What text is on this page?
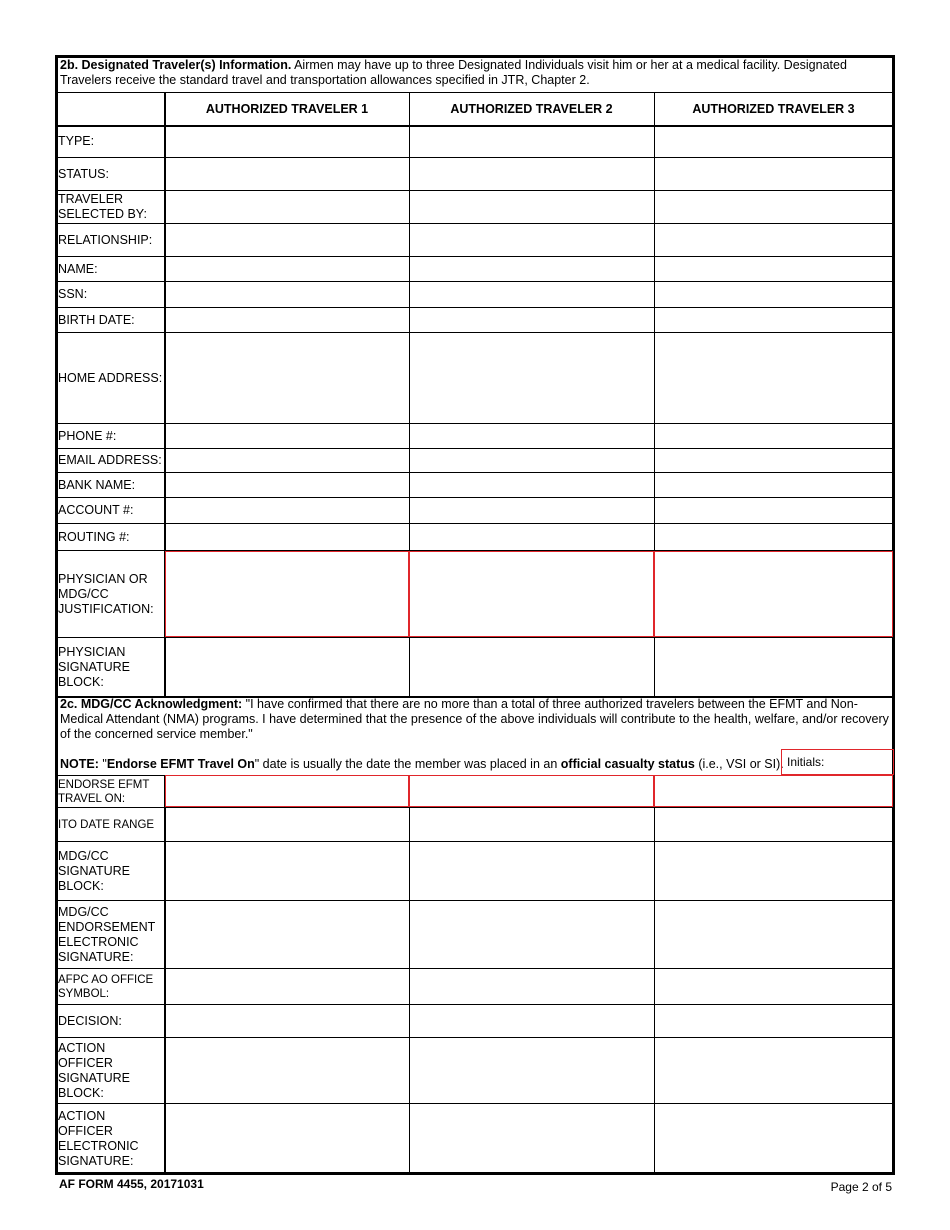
2b. Designated Traveler(s) Information. Airmen may have up to three Designated Individuals visit him or her at a medical facility. Designated Travelers receive the standard travel and transportation allowances specified in JTR, Chapter 2.
AUTHORIZED TRAVELER 1	AUTHORIZED TRAVELER 2	AUTHORIZED TRAVELER 3
TYPE:
STATUS:
TRAVELER SELECTED BY:
RELATIONSHIP:
NAME:
SSN:
BIRTH DATE:
HOME ADDRESS:
PHONE #:
EMAIL ADDRESS:
BANK NAME:
ACCOUNT #:
ROUTING #:
PHYSICIAN OR MDG/CC JUSTIFICATION:
PHYSICIAN SIGNATURE BLOCK:
2c. MDG/CC Acknowledgment: "I have confirmed that there are no more than a total of three authorized travelers between the EFMT and Non-Medical Attendant (NMA) programs. I have determined that the presence of the above individuals will contribute to the health, welfare, and/or recovery of the concerned service member."
NOTE: "Endorse EFMT Travel On" date is usually the date the member was placed in an official casualty status (i.e., VSI or SI). Initials:
ENDORSE EFMT TRAVEL ON:
ITO DATE RANGE
MDG/CC SIGNATURE BLOCK:
MDG/CC ENDORSEMENT ELECTRONIC SIGNATURE:
AFPC AO OFFICE SYMBOL:
DECISION:
ACTION OFFICER SIGNATURE BLOCK:
ACTION OFFICER ELECTRONIC SIGNATURE:
AF FORM 4455, 20171031	Page 2 of 5
